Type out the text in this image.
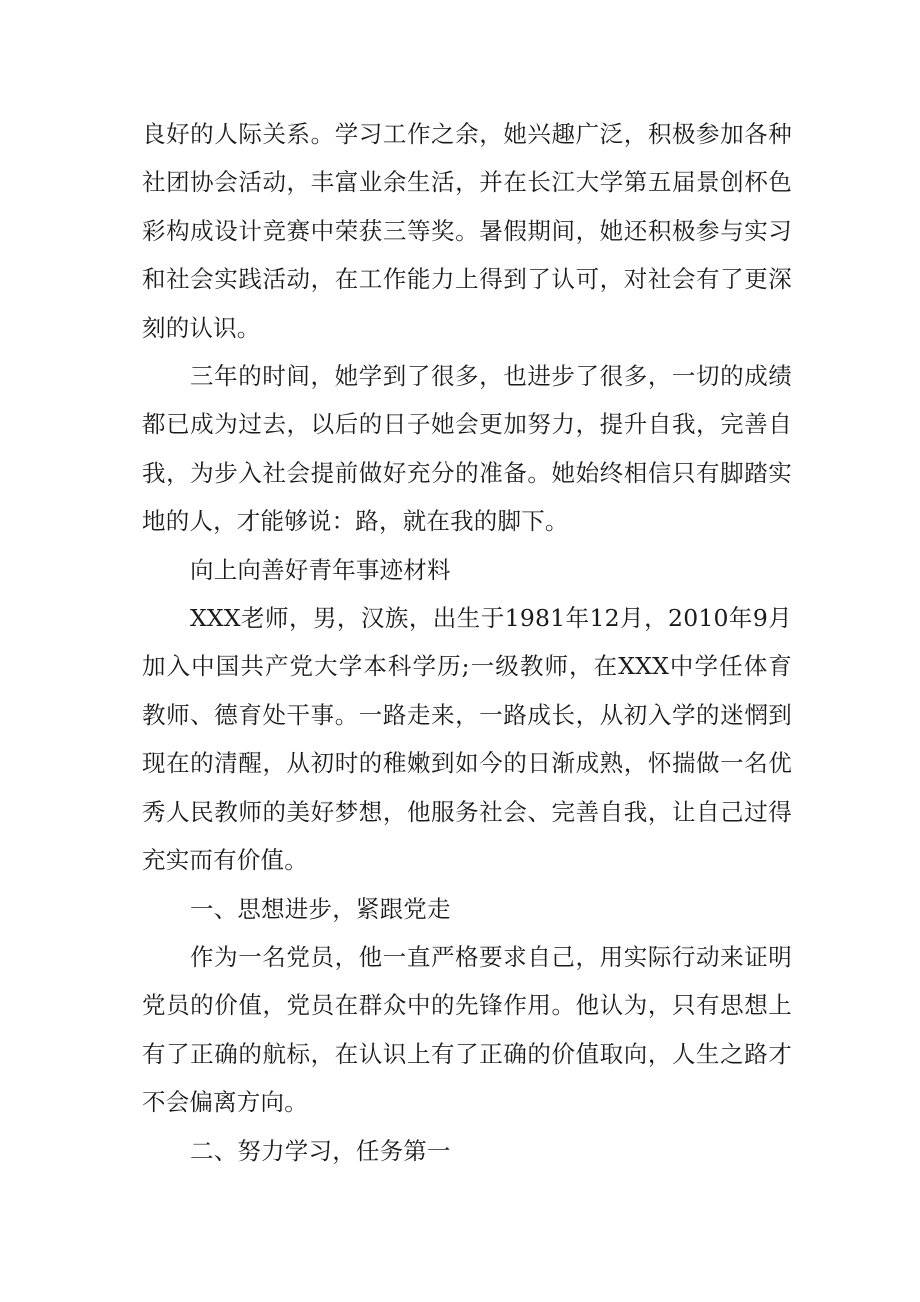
良好的人际关系。学习工作之余，她兴趣广泛，积极参加各种社团协会活动，丰富业余生活，并在长江大学第五届景创杯色彩构成设计竞赛中荣获三等奖。暑假期间，她还积极参与实习和社会实践活动，在工作能力上得到了认可，对社会有了更深刻的认识。

三年的时间，她学到了很多，也进步了很多，一切的成绩都已成为过去，以后的日子她会更加努力，提升自我，完善自我，为步入社会提前做好充分的准备。她始终相信只有脚踏实地的人，才能够说：路，就在我的脚下。

向上向善好青年事迹材料

XXX老师，男，汉族，出生于1981年12月，2010年9月加入中国共产党大学本科学历;一级教师，在XXX中学任体育教师、德育处干事。一路走来，一路成长，从初入学的迷惘到现在的清醒，从初时的稚嫩到如今的日渐成熟，怀揣做一名优秀人民教师的美好梦想，他服务社会、完善自我，让自己过得充实而有价值。

一、思想进步，紧跟党走

作为一名党员，他一直严格要求自己，用实际行动来证明党员的价值，党员在群众中的先锋作用。他认为，只有思想上有了正确的航标，在认识上有了正确的价值取向，人生之路才不会偏离方向。

二、努力学习，任务第一
